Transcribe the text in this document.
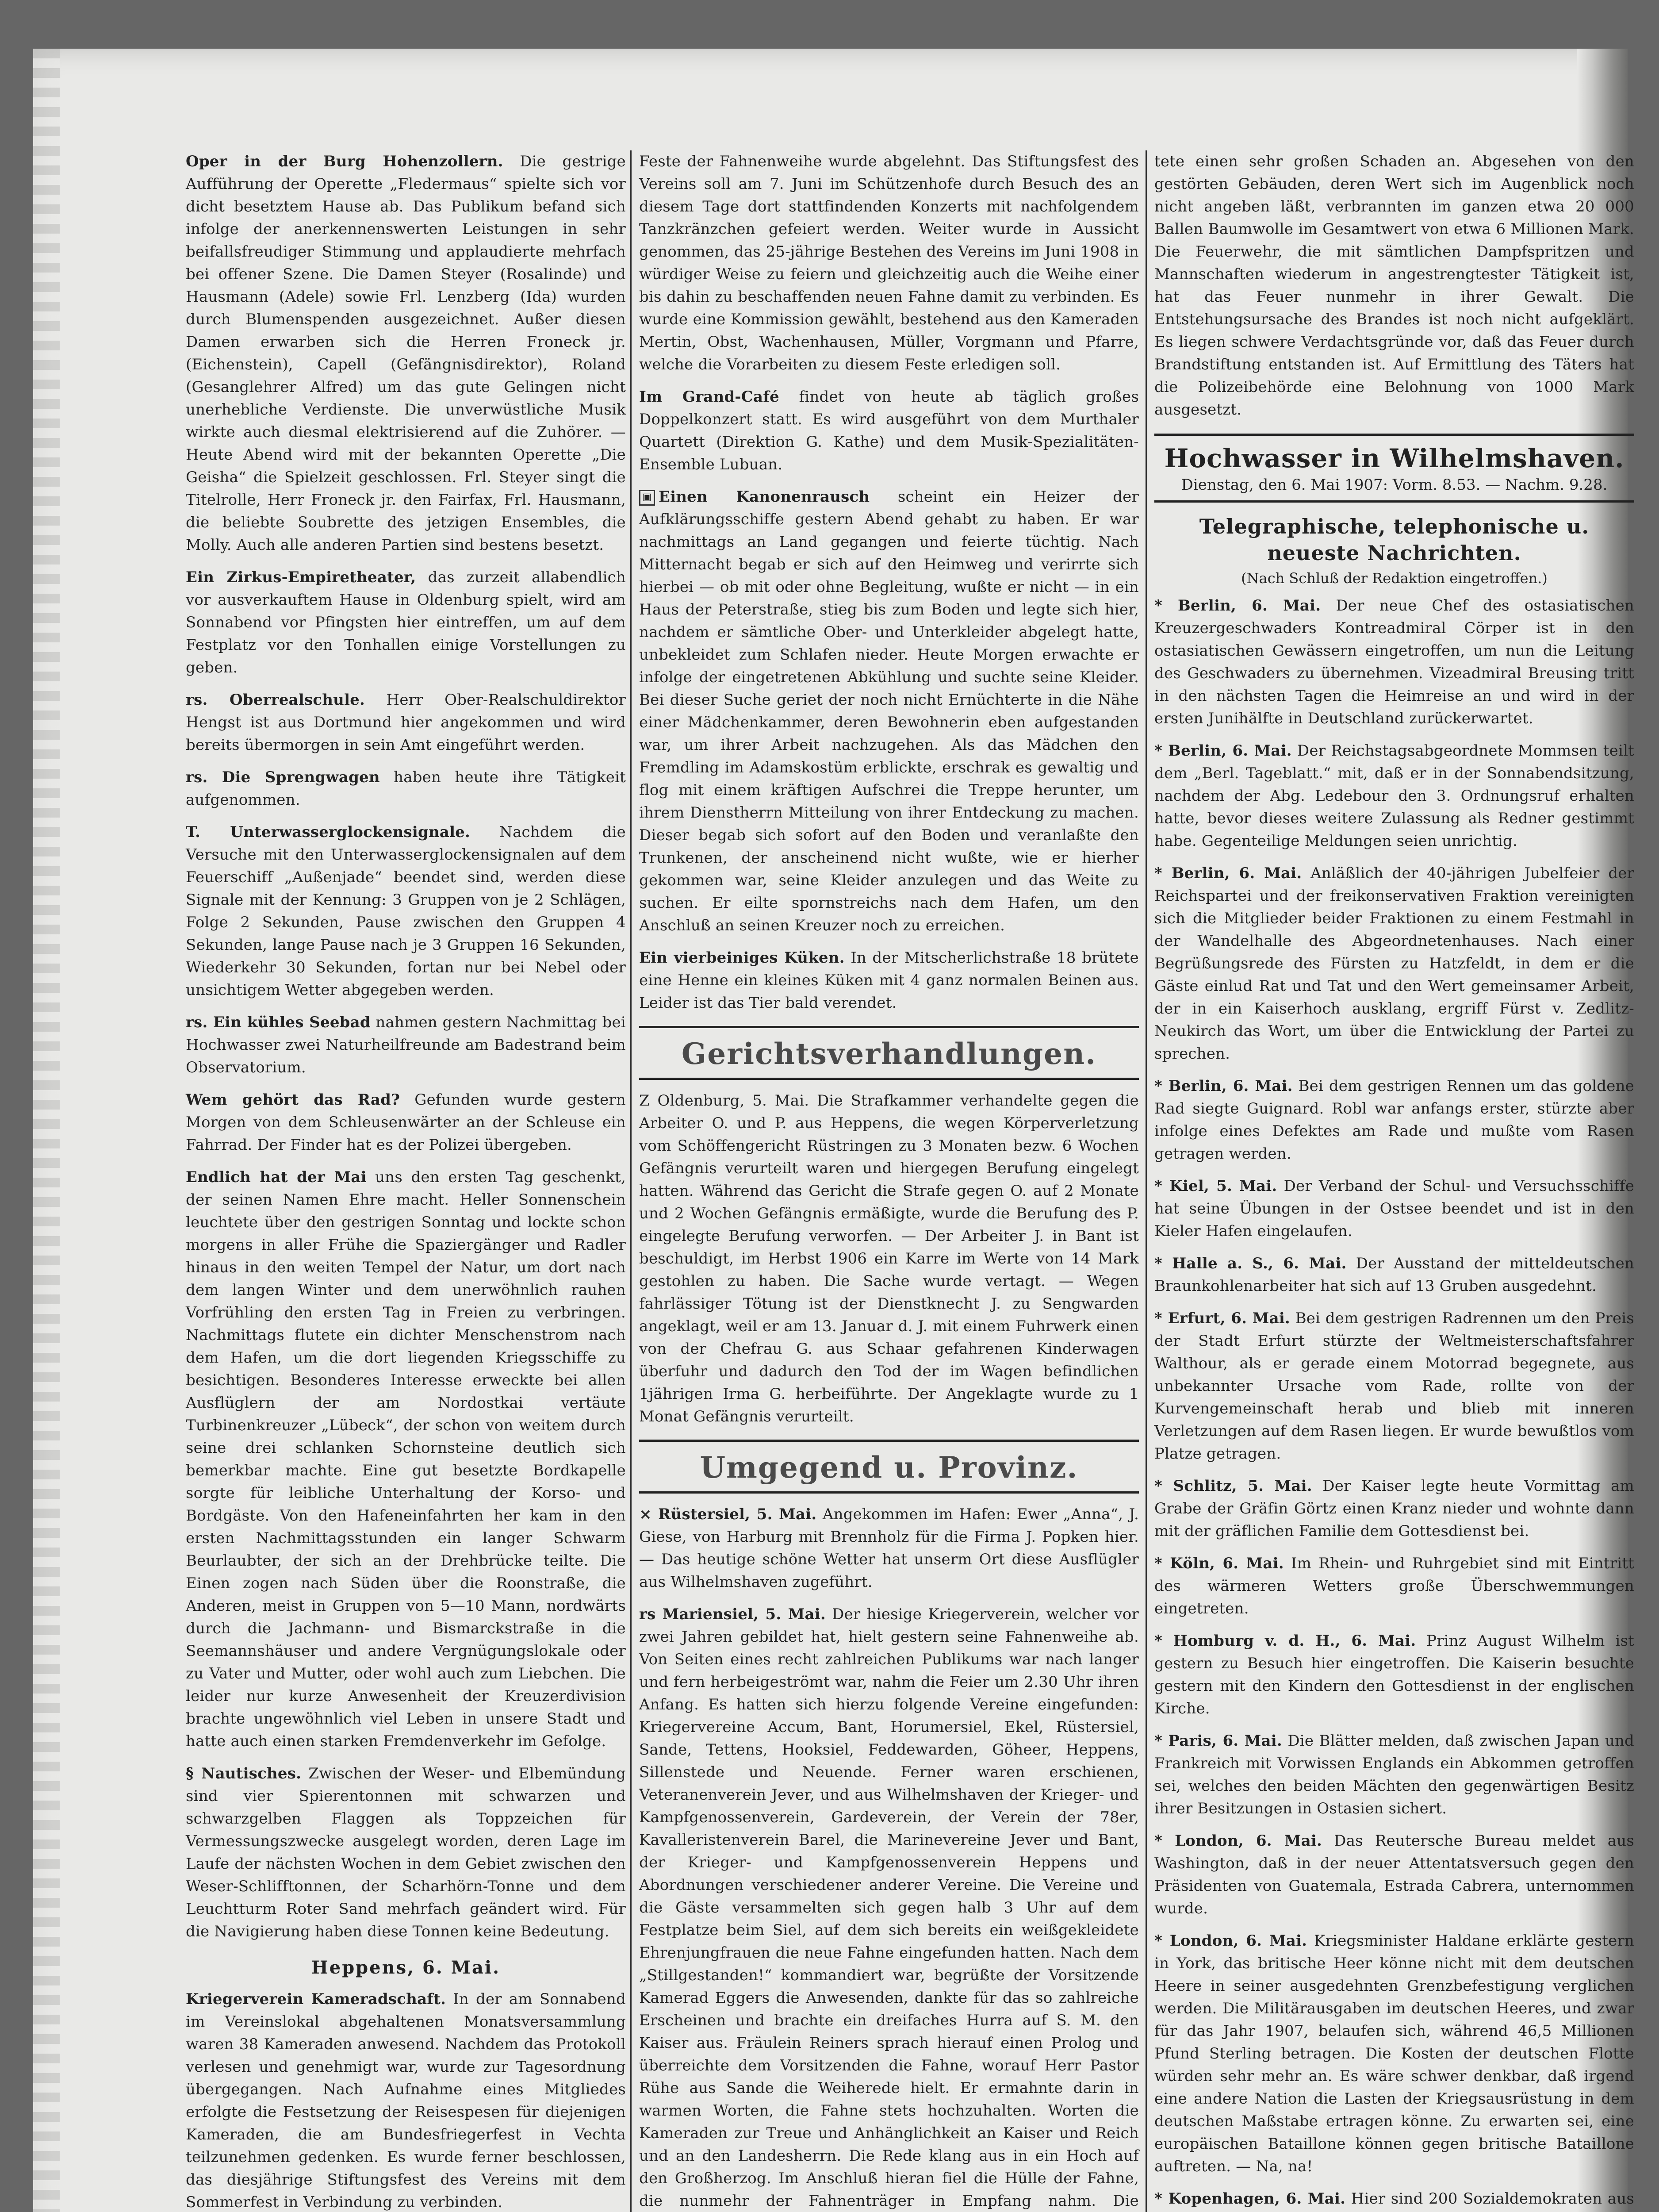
Oper in der Burg Hohenzollern. Die gestrige Aufführung der Operette „Fledermaus“ spielte sich vor dicht besetztem Hause ab. Das Publikum befand sich infolge der anerkennenswerten Leistungen in sehr beifallsfreudiger Stimmung und applaudierte mehrfach bei offener Szene. Die Damen Steyer (Rosalinde) und Hausmann (Adele) sowie Frl. Lenzberg (Ida) wurden durch Blumenspenden ausgezeichnet. Außer diesen Damen erwarben sich die Herren Froneck jr. (Eichenstein), Capell (Gefängnisdirektor), Roland (Gesanglehrer Alfred) um das gute Gelingen nicht unerhebliche Verdienste. Die unverwüstliche Musik wirkte auch diesmal elektrisierend auf die Zuhörer. — Heute Abend wird mit der bekannten Operette „Die Geisha“ die Spielzeit geschlossen. Frl. Steyer singt die Titelrolle, Herr Froneck jr. den Fairfax, Frl. Hausmann, die beliebte Soubrette des jetzigen Ensembles, die Molly. Auch alle anderen Partien sind bestens besetzt.

Ein Zirkus-Empiretheater, das zurzeit allabendlich vor ausverkauftem Hause in Oldenburg spielt, wird am Sonnabend vor Pfingsten hier eintreffen, um auf dem Festplatz vor den Tonhallen einige Vorstellungen zu geben.

rs. Oberrealschule. Herr Ober-Realschuldirektor Hengst ist aus Dortmund hier angekommen und wird bereits übermorgen in sein Amt eingeführt werden.

rs. Die Sprengwagen haben heute ihre Tätigkeit aufgenommen.

T. Unterwasserglockensignale. Nachdem die Versuche mit den Unterwasserglockensignalen auf dem Feuerschiff „Außenjade“ beendet sind, werden diese Signale mit der Kennung: 3 Gruppen von je 2 Schlägen, Folge 2 Sekunden, Pause zwischen den Gruppen 4 Sekunden, lange Pause nach je 3 Gruppen 16 Sekunden, Wiederkehr 30 Sekunden, fortan nur bei Nebel oder unsichtigem Wetter abgegeben werden.

rs. Ein kühles Seebad nahmen gestern Nachmittag bei Hochwasser zwei Naturheilfreunde am Badestrand beim Observatorium.

Wem gehört das Rad? Gefunden wurde gestern Morgen von dem Schleusenwärter an der Schleuse ein Fahrrad. Der Finder hat es der Polizei übergeben.

Endlich hat der Mai uns den ersten Tag geschenkt, der seinen Namen Ehre macht. Heller Sonnenschein leuchtete über den gestrigen Sonntag und lockte schon morgens in aller Frühe die Spaziergänger und Radler hinaus in den weiten Tempel der Natur, um dort nach dem langen Winter und dem unerwöhnlich rauhen Vorfrühling den ersten Tag in Freien zu verbringen. Nachmittags flutete ein dichter Menschenstrom nach dem Hafen, um die dort liegenden Kriegsschiffe zu besichtigen. Besonderes Interesse erweckte bei allen Ausflüglern der am Nordostkai vertäute Turbinenkreuzer „Lübeck“, der schon von weitem durch seine drei schlanken Schornsteine deutlich sich bemerkbar machte. Eine gut besetzte Bordkapelle sorgte für leibliche Unterhaltung der Korso- und Bordgäste. Von den Hafeneinfahrten her kam in den ersten Nachmittagsstunden ein langer Schwarm Beurlaubter, der sich an der Drehbrücke teilte. Die Einen zogen nach Süden über die Roonstraße, die Anderen, meist in Gruppen von 5—10 Mann, nordwärts durch die Jachmann- und Bismarckstraße in die Seemannshäuser und andere Vergnügungslokale oder zu Vater und Mutter, oder wohl auch zum Liebchen. Die leider nur kurze Anwesenheit der Kreuzerdivision brachte ungewöhnlich viel Leben in unsere Stadt und hatte auch einen starken Fremdenverkehr im Gefolge.

§ Nautisches. Zwischen der Weser- und Elbemündung sind vier Spierentonnen mit schwarzen und schwarzgelben Flaggen als Toppzeichen für Vermessungszwecke ausgelegt worden, deren Lage im Laufe der nächsten Wochen in dem Gebiet zwischen den Weser-Schlifftonnen, der Scharhörn-Tonne und dem Leuchtturm Roter Sand mehrfach geändert wird. Für die Navigierung haben diese Tonnen keine Bedeutung.

Heppens, 6. Mai.

Kriegerverein Kameradschaft. In der am Sonnabend im Vereinslokal abgehaltenen Monatsversammlung waren 38 Kameraden anwesend. Nachdem das Protokoll verlesen und genehmigt war, wurde zur Tagesordnung übergegangen. Nach Aufnahme eines Mitgliedes erfolgte die Festsetzung der Reisespesen für diejenigen Kameraden, die am Bundesfriegerfest in Vechta teilzunehmen gedenken. Es wurde ferner beschlossen, das diesjährige Stiftungsfest des Vereins mit dem Sommerfest in Verbindung zu verbinden.

Feste der Fahnenweihe wurde abgelehnt. Das Stiftungsfest des Vereins soll am 7. Juni im Schützenhofe durch Besuch des an diesem Tage dort stattfindenden Konzerts mit nachfolgendem Tanzkränzchen gefeiert werden. Weiter wurde in Aussicht genommen, das 25-jährige Bestehen des Vereins im Juni 1908 in würdiger Weise zu feiern und gleichzeitig auch die Weihe einer bis dahin zu beschaffenden neuen Fahne damit zu verbinden. Es wurde eine Kommission gewählt, bestehend aus den Kameraden Mertin, Obst, Wachenhausen, Müller, Vorgmann und Pfarre, welche die Vorarbeiten zu diesem Feste erledigen soll.

Im Grand-Café findet von heute ab täglich großes Doppelkonzert statt. Es wird ausgeführt von dem Murthaler Quartett (Direktion G. Kathe) und dem Musik-Spezialitäten-Ensemble Lubuan.

▣ Einen Kanonenrausch scheint ein Heizer der Aufklärungsschiffe gestern Abend gehabt zu haben. Er war nachmittags an Land gegangen und feierte tüchtig. Nach Mitternacht begab er sich auf den Heimweg und verirrte sich hierbei — ob mit oder ohne Begleitung, wußte er nicht — in ein Haus der Peterstraße, stieg bis zum Boden und legte sich hier, nachdem er sämtliche Ober- und Unterkleider abgelegt hatte, unbekleidet zum Schlafen nieder. Heute Morgen erwachte er infolge der eingetretenen Abkühlung und suchte seine Kleider. Bei dieser Suche geriet der noch nicht Ernüchterte in die Nähe einer Mädchenkammer, deren Bewohnerin eben aufgestanden war, um ihrer Arbeit nachzugehen. Als das Mädchen den Fremdling im Adamskostüm erblickte, erschrak es gewaltig und flog mit einem kräftigen Aufschrei die Treppe herunter, um ihrem Dienstherrn Mitteilung von ihrer Entdeckung zu machen. Dieser begab sich sofort auf den Boden und veranlaßte den Trunkenen, der anscheinend nicht wußte, wie er hierher gekommen war, seine Kleider anzulegen und das Weite zu suchen. Er eilte spornstreichs nach dem Hafen, um den Anschluß an seinen Kreuzer noch zu erreichen.

Ein vierbeiniges Küken. In der Mitscherlichstraße 18 brütete eine Henne ein kleines Küken mit 4 ganz normalen Beinen aus. Leider ist das Tier bald verendet.

Gerichtsverhandlungen.

Z Oldenburg, 5. Mai. Die Strafkammer verhandelte gegen die Arbeiter O. und P. aus Heppens, die wegen Körperverletzung vom Schöffengericht Rüstringen zu 3 Monaten bezw. 6 Wochen Gefängnis verurteilt waren und hiergegen Berufung eingelegt hatten. Während das Gericht die Strafe gegen O. auf 2 Monate und 2 Wochen Gefängnis ermäßigte, wurde die Berufung des P. eingelegte Berufung verworfen. — Der Arbeiter J. in Bant ist beschuldigt, im Herbst 1906 ein Karre im Werte von 14 Mark gestohlen zu haben. Die Sache wurde vertagt. — Wegen fahrlässiger Tötung ist der Dienstknecht J. zu Sengwarden angeklagt, weil er am 13. Januar d. J. mit einem Fuhrwerk einen von der Chefrau G. aus Schaar gefahrenen Kinderwagen überfuhr und dadurch den Tod der im Wagen befindlichen 1jährigen Irma G. herbeiführte. Der Angeklagte wurde zu 1 Monat Gefängnis verurteilt.

Umgegend u. Provinz.

× Rüstersiel, 5. Mai. Angekommen im Hafen: Ewer „Anna“, J. Giese, von Harburg mit Brennholz für die Firma J. Popken hier. — Das heutige schöne Wetter hat unserm Ort diese Ausflügler aus Wilhelmshaven zugeführt.

rs Mariensiel, 5. Mai. Der hiesige Kriegerverein, welcher vor zwei Jahren gebildet hat, hielt gestern seine Fahnenweihe ab. Von Seiten eines recht zahlreichen Publikums war nach langer und fern herbeigeströmt war, nahm die Feier um 2.30 Uhr ihren Anfang. Es hatten sich hierzu folgende Vereine eingefunden: Kriegervereine Accum, Bant, Horumersiel, Ekel, Rüstersiel, Sande, Tettens, Hooksiel, Feddewarden, Göheer, Heppens, Sillenstede und Neuende. Ferner waren erschienen, Veteranenverein Jever, und aus Wilhelmshaven der Krieger- und Kampfgenossenverein, Gardeverein, der Verein der 78er, Kavalleristenverein Barel, die Marinevereine Jever und Bant, der Krieger- und Kampfgenossenverein Heppens und Abordnungen verschiedener anderer Vereine. Die Vereine und die Gäste versammelten sich gegen halb 3 Uhr auf dem Festplatze beim Siel, auf dem sich bereits ein weißgekleidete Ehrenjungfrauen die neue Fahne eingefunden hatten. Nach dem „Stillgestanden!“ kommandiert war, begrüßte der Vorsitzende Kamerad Eggers die Anwesenden, dankte für das so zahlreiche Erscheinen und brachte ein dreifaches Hurra auf S. M. den Kaiser aus. Fräulein Reiners sprach hierauf einen Prolog und überreichte dem Vorsitzenden die Fahne, worauf Herr Pastor Rühe aus Sande die Weiherede hielt. Er ermahnte darin in warmen Worten, die Fahne stets hochzuhalten. Worten die Kameraden zur Treue und Anhänglichkeit an Kaiser und Reich und an den Landesherrn. Die Rede klang aus in ein Hoch auf den Großherzog. Im Anschluß hieran fiel die Hülle der Fahne, die nunmehr der Fahnenträger in Empfang nahm. Die

tete einen sehr großen Schaden an. Abgesehen von den gestörten Gebäuden, deren Wert sich im Augenblick noch nicht angeben läßt, verbrannten im ganzen etwa 20 000 Ballen Baumwolle im Gesamtwert von etwa 6 Millionen Mark. Die Feuerwehr, die mit sämtlichen Dampfspritzen und Mannschaften wiederum in angestrengtester Tätigkeit ist, hat das Feuer nunmehr in ihrer Gewalt. Die Entstehungsursache des Brandes ist noch nicht aufgeklärt. Es liegen schwere Verdachtsgründe vor, daß das Feuer durch Brandstiftung entstanden ist. Auf Ermittlung des Täters hat die Polizeibehörde eine Belohnung von 1000 Mark ausgesetzt.

Hochwasser in Wilhelmshaven.
Dienstag, den 6. Mai 1907: Vorm. 8.53. — Nachm. 9.28.
Telegraphische, telephonische u. neueste Nachrichten.
(Nach Schluß der Redaktion eingetroffen.)

* Berlin, 6. Mai. Der neue Chef des ostasiatischen Kreuzergeschwaders Kontreadmiral Cörper ist in den ostasiatischen Gewässern eingetroffen, um nun die Leitung des Geschwaders zu übernehmen. Vizeadmiral Breusing tritt in den nächsten Tagen die Heimreise an und wird in der ersten Junihälfte in Deutschland zurückerwartet.

* Berlin, 6. Mai. Der Reichstagsabgeordnete Mommsen teilt dem „Berl. Tageblatt.“ mit, daß er in der Sonnabendsitzung, nachdem der Abg. Ledebour den 3. Ordnungsruf erhalten hatte, bevor dieses weitere Zulassung als Redner gestimmt habe. Gegenteilige Meldungen seien unrichtig.

* Berlin, 6. Mai. Anläßlich der 40-jährigen Jubelfeier der Reichspartei und der freikonservativen Fraktion vereinigten sich die Mitglieder beider Fraktionen zu einem Festmahl in der Wandelhalle des Abgeordnetenhauses. Nach einer Begrüßungsrede des Fürsten zu Hatzfeldt, in dem er die Gäste einlud Rat und Tat und den Wert gemeinsamer Arbeit, der in ein Kaiserhoch ausklang, ergriff Fürst v. Zedlitz-Neukirch das Wort, um über die Entwicklung der Partei zu sprechen.

* Berlin, 6. Mai. Bei dem gestrigen Rennen um das goldene Rad siegte Guignard. Robl war anfangs erster, stürzte aber infolge eines Defektes am Rade und mußte vom Rasen getragen werden.

* Kiel, 5. Mai. Der Verband der Schul- und Versuchsschiffe hat seine Übungen in der Ostsee beendet und ist in den Kieler Hafen eingelaufen.

* Halle a. S., 6. Mai. Der Ausstand der mitteldeutschen Braunkohlenarbeiter hat sich auf 13 Gruben ausgedehnt.

* Erfurt, 6. Mai. Bei dem gestrigen Radrennen um den Preis der Stadt Erfurt stürzte der Weltmeisterschaftsfahrer Walthour, als er gerade einem Motorrad begegnete, aus unbekannter Ursache vom Rade, rollte von der Kurvengemeinschaft herab und blieb mit inneren Verletzungen auf dem Rasen liegen. Er wurde bewußtlos vom Platze getragen.

* Schlitz, 5. Mai. Der Kaiser legte heute Vormittag am Grabe der Gräfin Görtz einen Kranz nieder und wohnte dann mit der gräflichen Familie dem Gottesdienst bei.

* Köln, 6. Mai. Im Rhein- und Ruhrgebiet sind mit Eintritt des wärmeren Wetters große Überschwemmungen eingetreten.

* Homburg v. d. H., 6. Mai. Prinz August Wilhelm ist gestern zu Besuch hier eingetroffen. Die Kaiserin besuchte gestern mit den Kindern den Gottesdienst in der englischen Kirche.

* Paris, 6. Mai. Die Blätter melden, daß zwischen Japan und Frankreich mit Vorwissen Englands ein Abkommen getroffen sei, welches den beiden Mächten den gegenwärtigen Besitz ihrer Besitzungen in Ostasien sichert.

* London, 6. Mai. Das Reutersche Bureau meldet aus Washington, daß in der neuer Attentatsversuch gegen den Präsidenten von Guatemala, Estrada Cabrera, unternommen wurde.

* London, 6. Mai. Kriegsminister Haldane erklärte gestern in York, das britische Heer könne nicht mit dem deutschen Heere in seiner ausgedehnten Grenzbefestigung verglichen werden. Die Militärausgaben im deutschen Heeres, und zwar für das Jahr 1907, belaufen sich, während 46,5 Millionen Pfund Sterling betragen. Die Kosten der deutschen Flotte würden sehr mehr an. Es wäre schwer denkbar, daß irgend eine andere Nation die Lasten der Kriegsausrüstung in dem deutschen Maßstabe ertragen könne. Zu erwarten sei, eine europäischen Bataillone können gegen britische Bataillone auftreten. — Na, na!

* Kopenhagen, 6. Mai. Hier sind 200 Sozialdemokraten aus
